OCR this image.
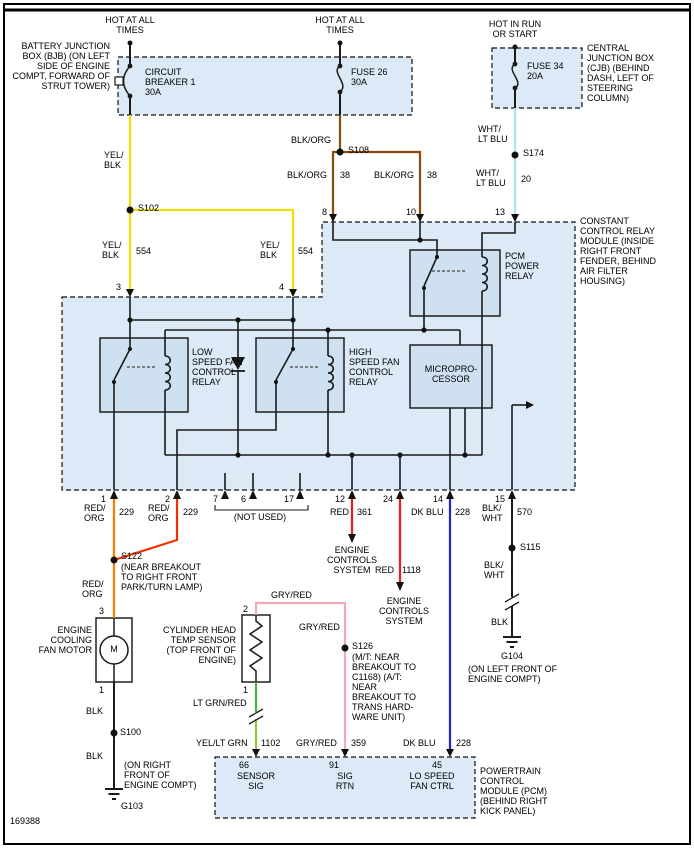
HOT AT ALL TIMES
HOT AT ALL TIMES
HOT IN RUN OR START
BATTERY JUNCTION BOX (BJB) (ON LEFT SIDE OF ENGINE COMPT, FORWARD OF STRUT TOWER)
CIRCUIT BREAKER 1 30A
FUSE 26 30A
FUSE 34 20A
CENTRAL JUNCTION BOX (CJB) (BEHIND DASH, LEFT OF STEERING COLUMN)
YEL/ BLK
S102
YEL/ BLK	554
YEL/ BLK	554
BLK/ORG
S108
BLK/ORG 38	BLK/ORG 38
WHT/ LT BLU
S174
WHT/ LT BLU	20
8	10	13
3	4
CONSTANT CONTROL RELAY MODULE (INSIDE RIGHT FRONT FENDER, BEHIND AIR FILTER HOUSING)
PCM POWER RELAY
LOW SPEED FAN CONTROL RELAY
HIGH SPEED FAN CONTROL RELAY
MICROPRO- CESSOR
1	2	7	6	17	12	24	14	15
(NOT USED)
RED/ ORG
229 RED/ ORG
229	RED 361	DK BLU 228 BLK/ WHT
570
ENGINE CONTROLS SYSTEM RED 1118
ENGINE CONTROLS SYSTEM
S122
(NEAR BREAKOUT TO RIGHT FRONT PARK/TURN LAMP)
RED/ ORG
S115
BLK/ WHT
BLK
G104
(ON LEFT FRONT OF ENGINE COMPT)
3
ENGINE COOLING FAN MOTOR	M
1
BLK
S100
BLK
(ON RIGHT FRONT OF ENGINE COMPT)
G103
2
CYLINDER HEAD TEMP SENSOR (TOP FRONT OF ENGINE)
1
GRY/RED
GRY/RED
S126
(M/T: NEAR BREAKOUT TO C1168) (A/T: NEAR BREAKOUT TO TRANS HARD- WARE UNIT)
LT GRN/RED
YEL/LT GRN 1102 GRY/RED 359	DK BLU 228
66	91	45
SENSOR SIG
SIG RTN
LO SPEED FAN CTRL
POWERTRAIN CONTROL MODULE (PCM) (BEHIND RIGHT KICK PANEL)
169388
